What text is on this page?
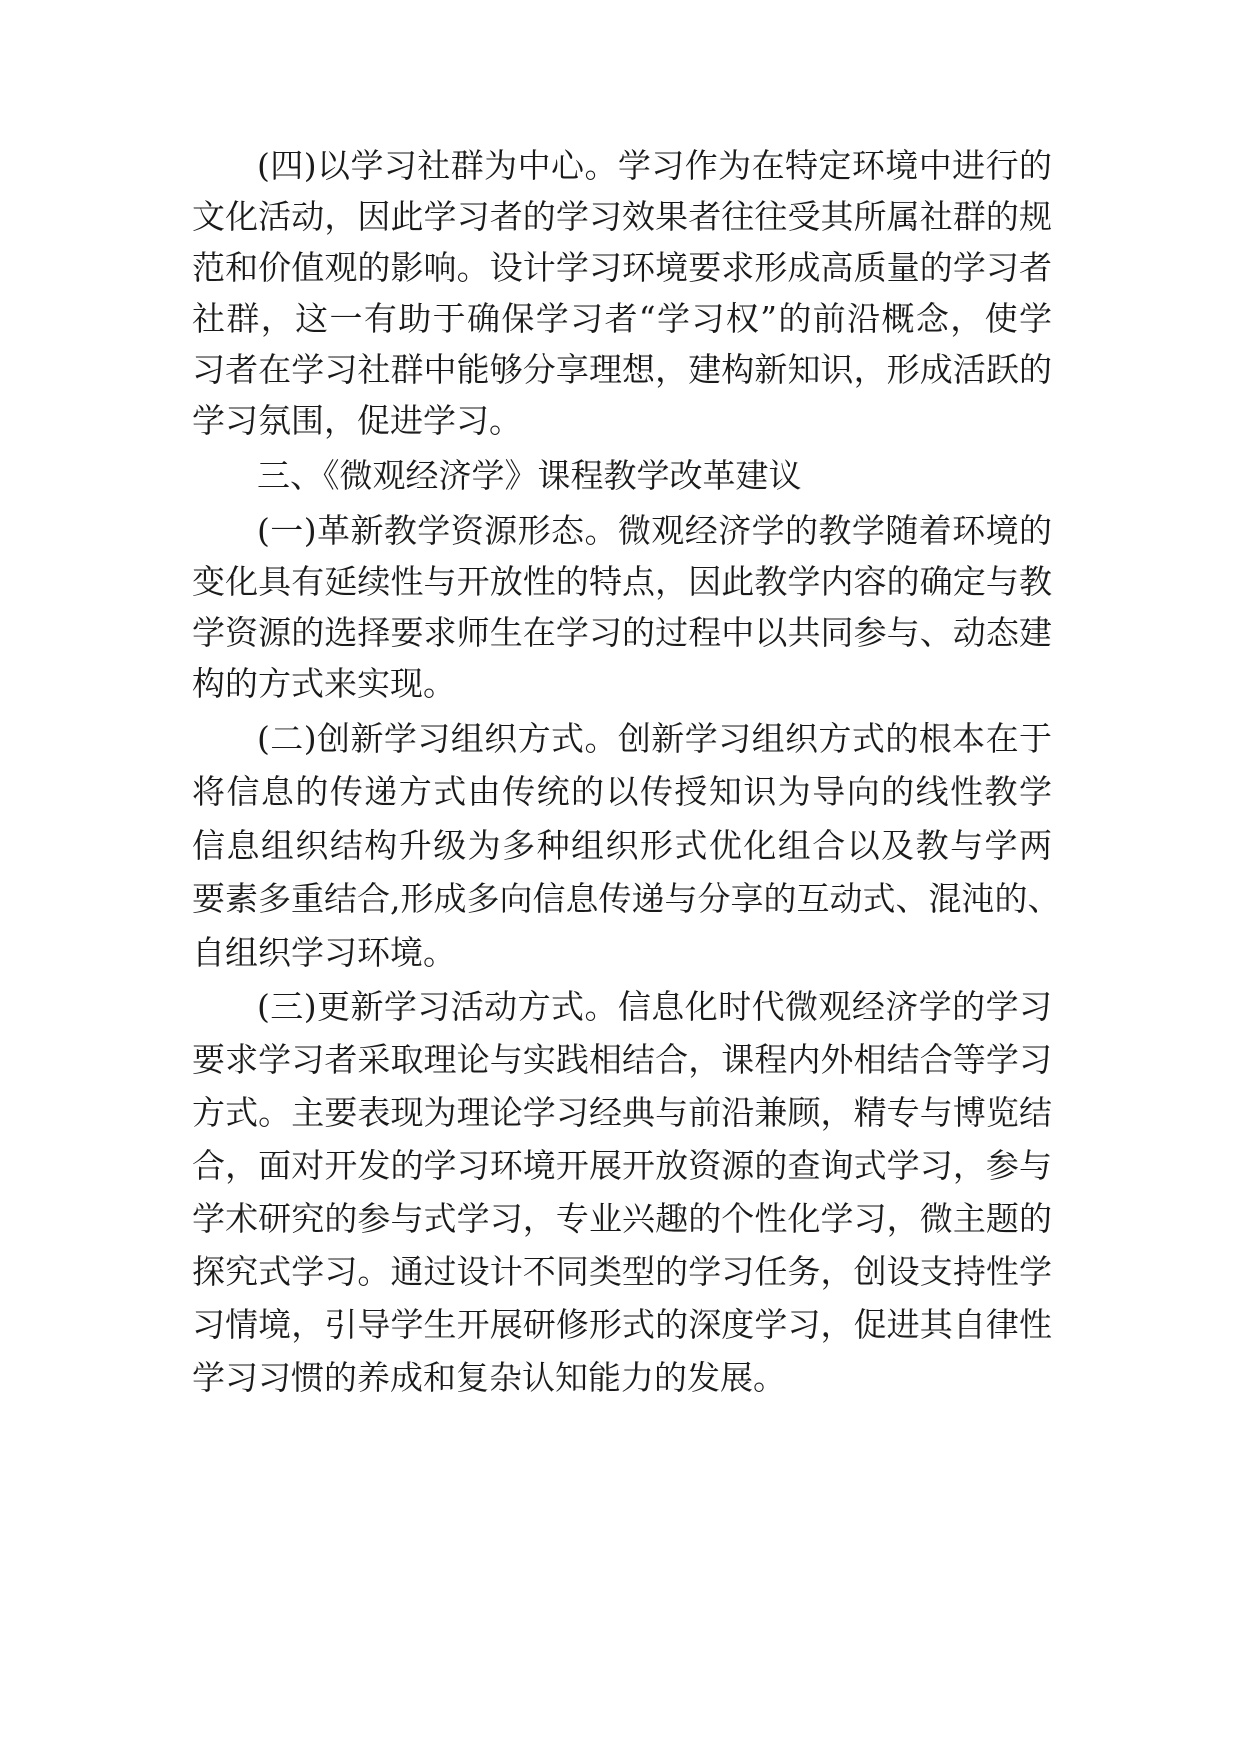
(四)以学习社群为中心。学习作为在特定环境中进行的
文化活动，因此学习者的学习效果者往往受其所属社群的规
范和价值观的影响。设计学习环境要求形成高质量的学习者
社群，这一有助于确保学习者“学习权”的前沿概念，使学
习者在学习社群中能够分享理想，建构新知识，形成活跃的
学习氛围，促进学习。
三、《微观经济学》课程教学改革建议
(一)革新教学资源形态。微观经济学的教学随着环境的
变化具有延续性与开放性的特点，因此教学内容的确定与教
学资源的选择要求师生在学习的过程中以共同参与、动态建
构的方式来实现。
(二)创新学习组织方式。创新学习组织方式的根本在于
将信息的传递方式由传统的以传授知识为导向的线性教学
信息组织结构升级为多种组织形式优化组合以及教与学两
要素多重结合,形成多向信息传递与分享的互动式、混沌的、
自组织学习环境。
(三)更新学习活动方式。信息化时代微观经济学的学习
要求学习者采取理论与实践相结合，课程内外相结合等学习
方式。主要表现为理论学习经典与前沿兼顾，精专与博览结
合，面对开发的学习环境开展开放资源的查询式学习，参与
学术研究的参与式学习，专业兴趣的个性化学习，微主题的
探究式学习。通过设计不同类型的学习任务，创设支持性学
习情境，引导学生开展研修形式的深度学习，促进其自律性
学习习惯的养成和复杂认知能力的发展。
